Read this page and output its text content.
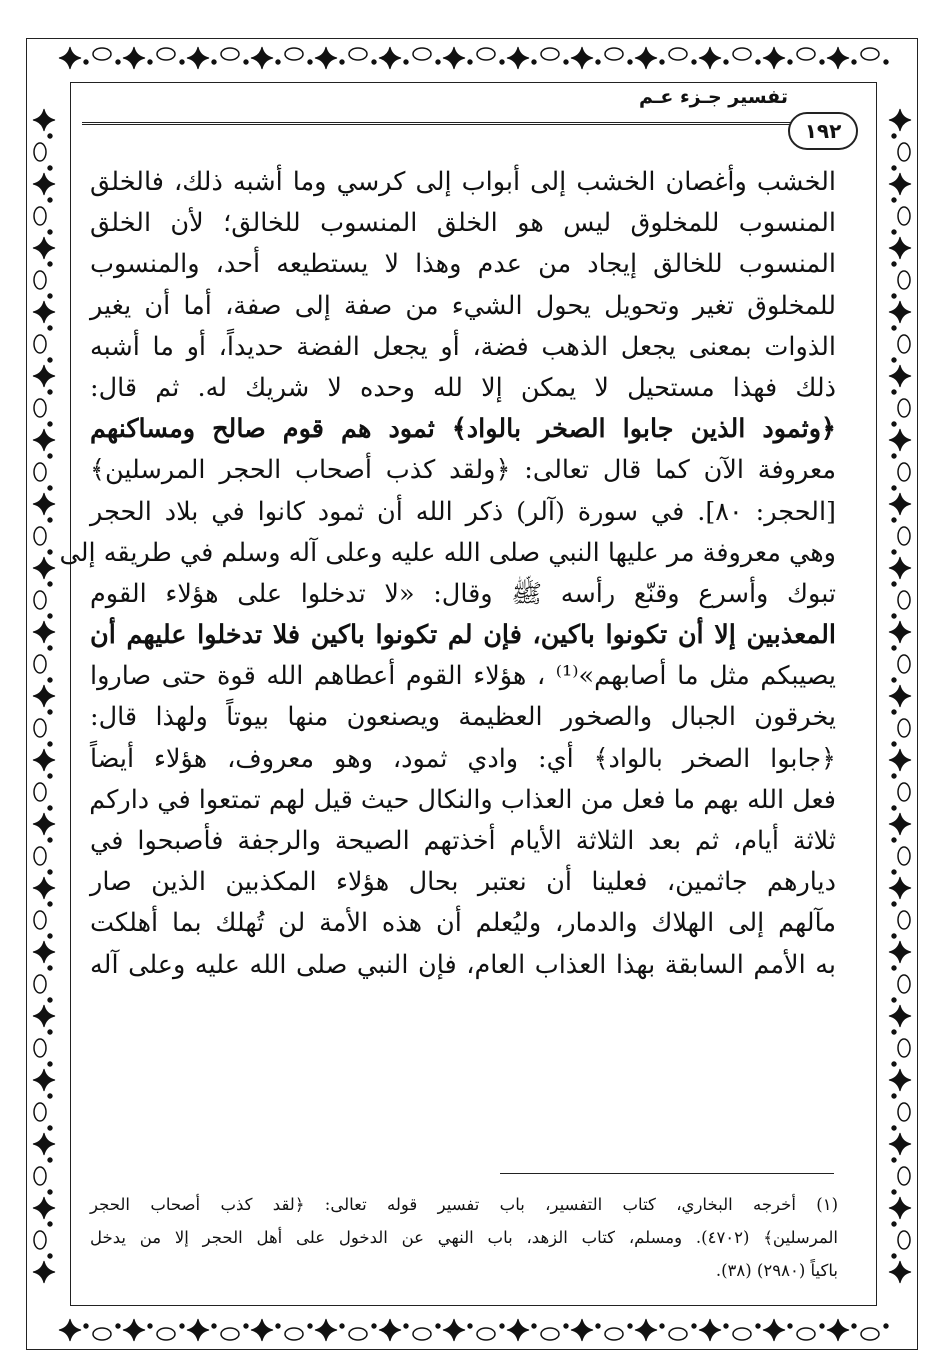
تفسير جـزء عـم
١٩٢
الخشب وأغصان الخشب إلى أبواب إلى كرسي وما أشبه ذلك، فالخلق
المنسوب للمخلوق ليس هو الخلق المنسوب للخالق؛ لأن الخلق
المنسوب للخالق إيجاد من عدم وهذا لا يستطيعه أحد، والمنسوب
للمخلوق تغير وتحويل يحول الشيء من صفة إلى صفة، أما أن يغير
الذوات بمعنى يجعل الذهب فضة، أو يجعل الفضة حديداً، أو ما أشبه
ذلك فهذا مستحيل لا يمكن إلا لله وحده لا شريك له. ثم قال:
﴿وثمود الذين جابوا الصخر بالواد﴾ ثمود هم قوم صالح ومساكنهم
معروفة الآن كما قال تعالى: ﴿ولقد كذب أصحاب الحجر المرسلين﴾
[الحجر: ٨٠]. في سورة (آلر) ذكر الله أن ثمود كانوا في بلاد الحجر
وهي معروفة مر عليها النبي صلى الله عليه وعلى آله وسلم في طريقه إلى
تبوك وأسرع وقنّع رأسه ﷺ وقال: «لا تدخلوا على هؤلاء القوم
المعذبين إلا أن تكونوا باكين، فإن لم تكونوا باكين فلا تدخلوا عليهم أن
يصيبكم مثل ما أصابهم»⁽¹⁾ ، هؤلاء القوم أعطاهم الله قوة حتى صاروا
يخرقون الجبال والصخور العظيمة ويصنعون منها بيوتاً ولهذا قال:
﴿جابوا الصخر بالواد﴾ أي: وادي ثمود، وهو معروف، هؤلاء أيضاً
فعل الله بهم ما فعل من العذاب والنكال حيث قيل لهم تمتعوا في داركم
ثلاثة أيام، ثم بعد الثلاثة الأيام أخذتهم الصيحة والرجفة فأصبحوا في
ديارهم جاثمين، فعلينا أن نعتبر بحال هؤلاء المكذبين الذين صار
مآلهم إلى الهلاك والدمار، وليُعلم أن هذه الأمة لن تُهلك بما أهلكت
به الأمم السابقة بهذا العذاب العام، فإن النبي صلى الله عليه وعلى آله
(١) أخرجه البخاري، كتاب التفسير، باب تفسير قوله تعالى: ﴿لقد كذب أصحاب الحجر
المرسلين﴾ (٤٧٠٢). ومسلم، كتاب الزهد، باب النهي عن الدخول على أهل الحجر إلا من يدخل
باكياً (٢٩٨٠) (٣٨).
